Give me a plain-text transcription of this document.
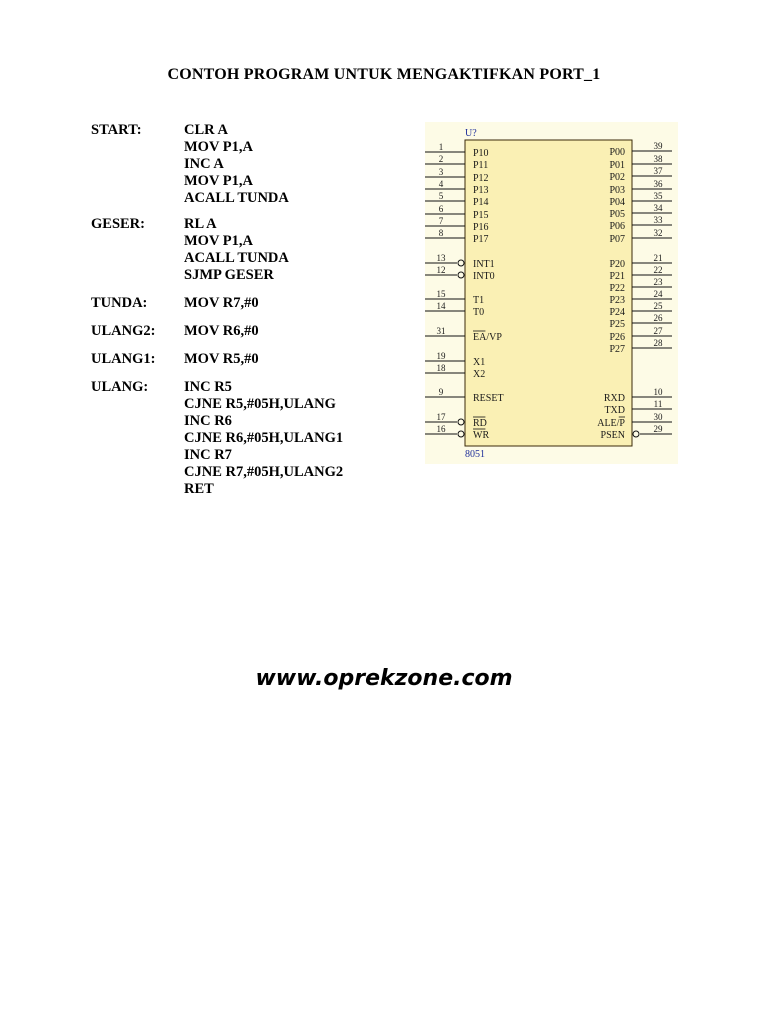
CONTOH PROGRAM UNTUK MENGAKTIFKAN PORT_1
START:	CLR A
MOV P1,A
INC A
MOV P1,A
ACALL TUNDA
GESER:	RL A
MOV P1,A
ACALL TUNDA
SJMP GESER
TUNDA:	MOV R7,#0
ULANG2: MOV R6,#0
ULANG1: MOV R5,#0
ULANG: INC R5
CJNE R5,#05H,ULANG
INC R6
CJNE R6,#05H,ULANG1
INC R7
CJNE R7,#05H,ULANG2
RET
U?
8051
1
P10
2
P11
3
P12
4
P13
5
P14
6
P15
7
P16
8
P17
13
INT1
12
INT0
15
T1
14
T0
31
EA/VP
19
X1
18
X2
9
RESET
17
RD
16
WR
39
P00
38
P01	37
P02
36
P03	35
P04	34
P05	33
P06
32
P07
21
P20	22
P21	23
P22	24
P23	25
P24	26
P25
27
P26	28
P27
10
RXD	11
TXD
30
ALE/P	29
PSEN
www.oprekzone.com
